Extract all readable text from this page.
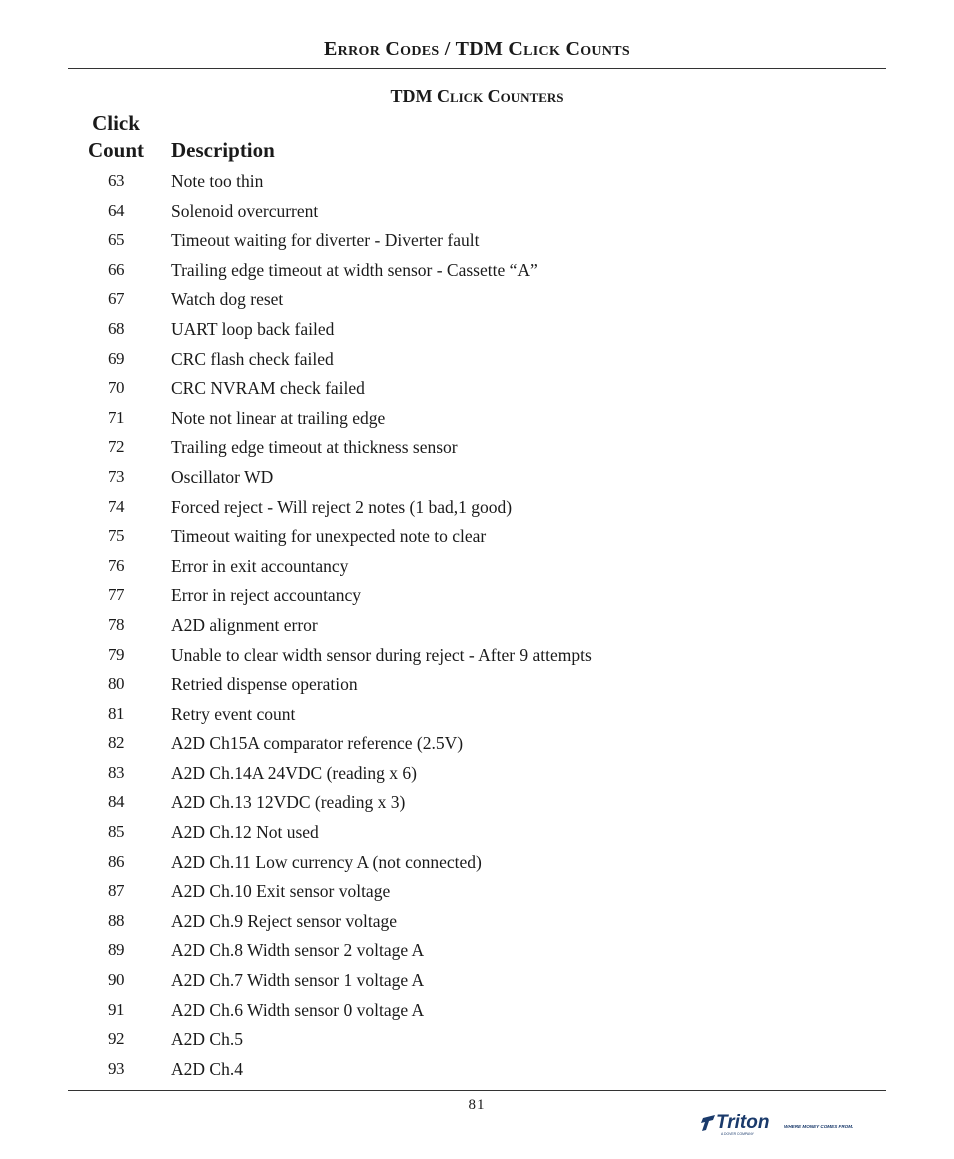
Error Codes / TDM Click Counts
TDM Click Counters
Click
Count	Description
63	Note too thin
64	Solenoid overcurrent
65	Timeout waiting for diverter - Diverter fault
66	Trailing edge timeout at width sensor - Cassette “A”
67	Watch dog reset
68	UART loop back failed
69	CRC flash check failed
70	CRC NVRAM check failed
71	Note not linear at trailing edge
72	Trailing edge timeout at thickness sensor
73	Oscillator WD
74	Forced reject - Will reject 2 notes (1 bad,1 good)
75	Timeout waiting for unexpected note to clear
76	Error in exit accountancy
77	Error in reject accountancy
78	A2D alignment error
79	Unable to clear width sensor during reject - After 9 attempts
80	Retried dispense operation
81	Retry event count
82	A2D Ch15A comparator reference (2.5V)
83	A2D Ch.14A 24VDC (reading x 6)
84	A2D Ch.13 12VDC (reading x 3)
85	A2D Ch.12 Not used
86	A2D Ch.11 Low currency A (not connected)
87	A2D Ch.10 Exit sensor voltage
88	A2D Ch.9 Reject sensor voltage
89	A2D Ch.8 Width sensor 2 voltage A
90	A2D Ch.7 Width sensor 1 voltage A
91	A2D Ch.6 Width sensor 0 voltage A
92	A2D Ch.5
93	A2D Ch.4
81
Triton	WHERE MONEY COMES FROM.
A DOVER COMPANY
